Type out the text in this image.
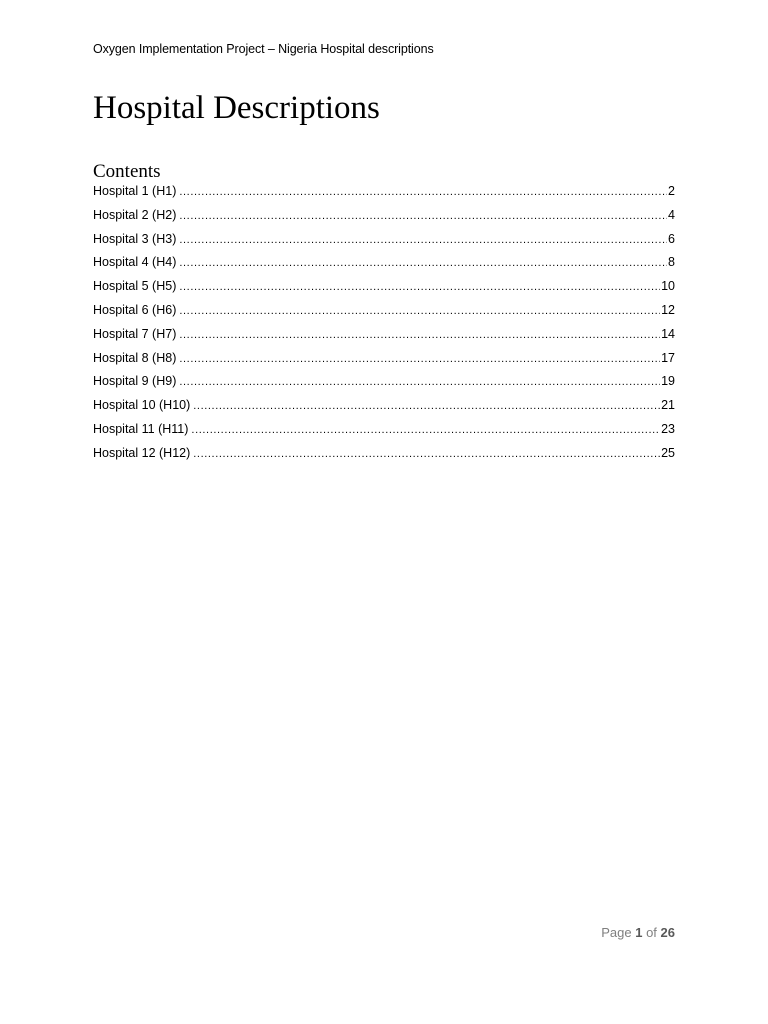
Oxygen Implementation Project – Nigeria Hospital descriptions
Hospital Descriptions
Contents
Hospital 1 (H1) .....	2
Hospital 2 (H2) .....	4
Hospital 3 (H3) .....	6
Hospital 4 (H4) .....	8
Hospital 5 (H5) .....	10
Hospital 6 (H6) .....	12
Hospital 7 (H7) .....	14
Hospital 8 (H8) .....	17
Hospital 9 (H9) .....	19
Hospital 10 (H10) .....	21
Hospital 11 (H11) .....	23
Hospital 12 (H12) .....	25
Page 1 of 26
